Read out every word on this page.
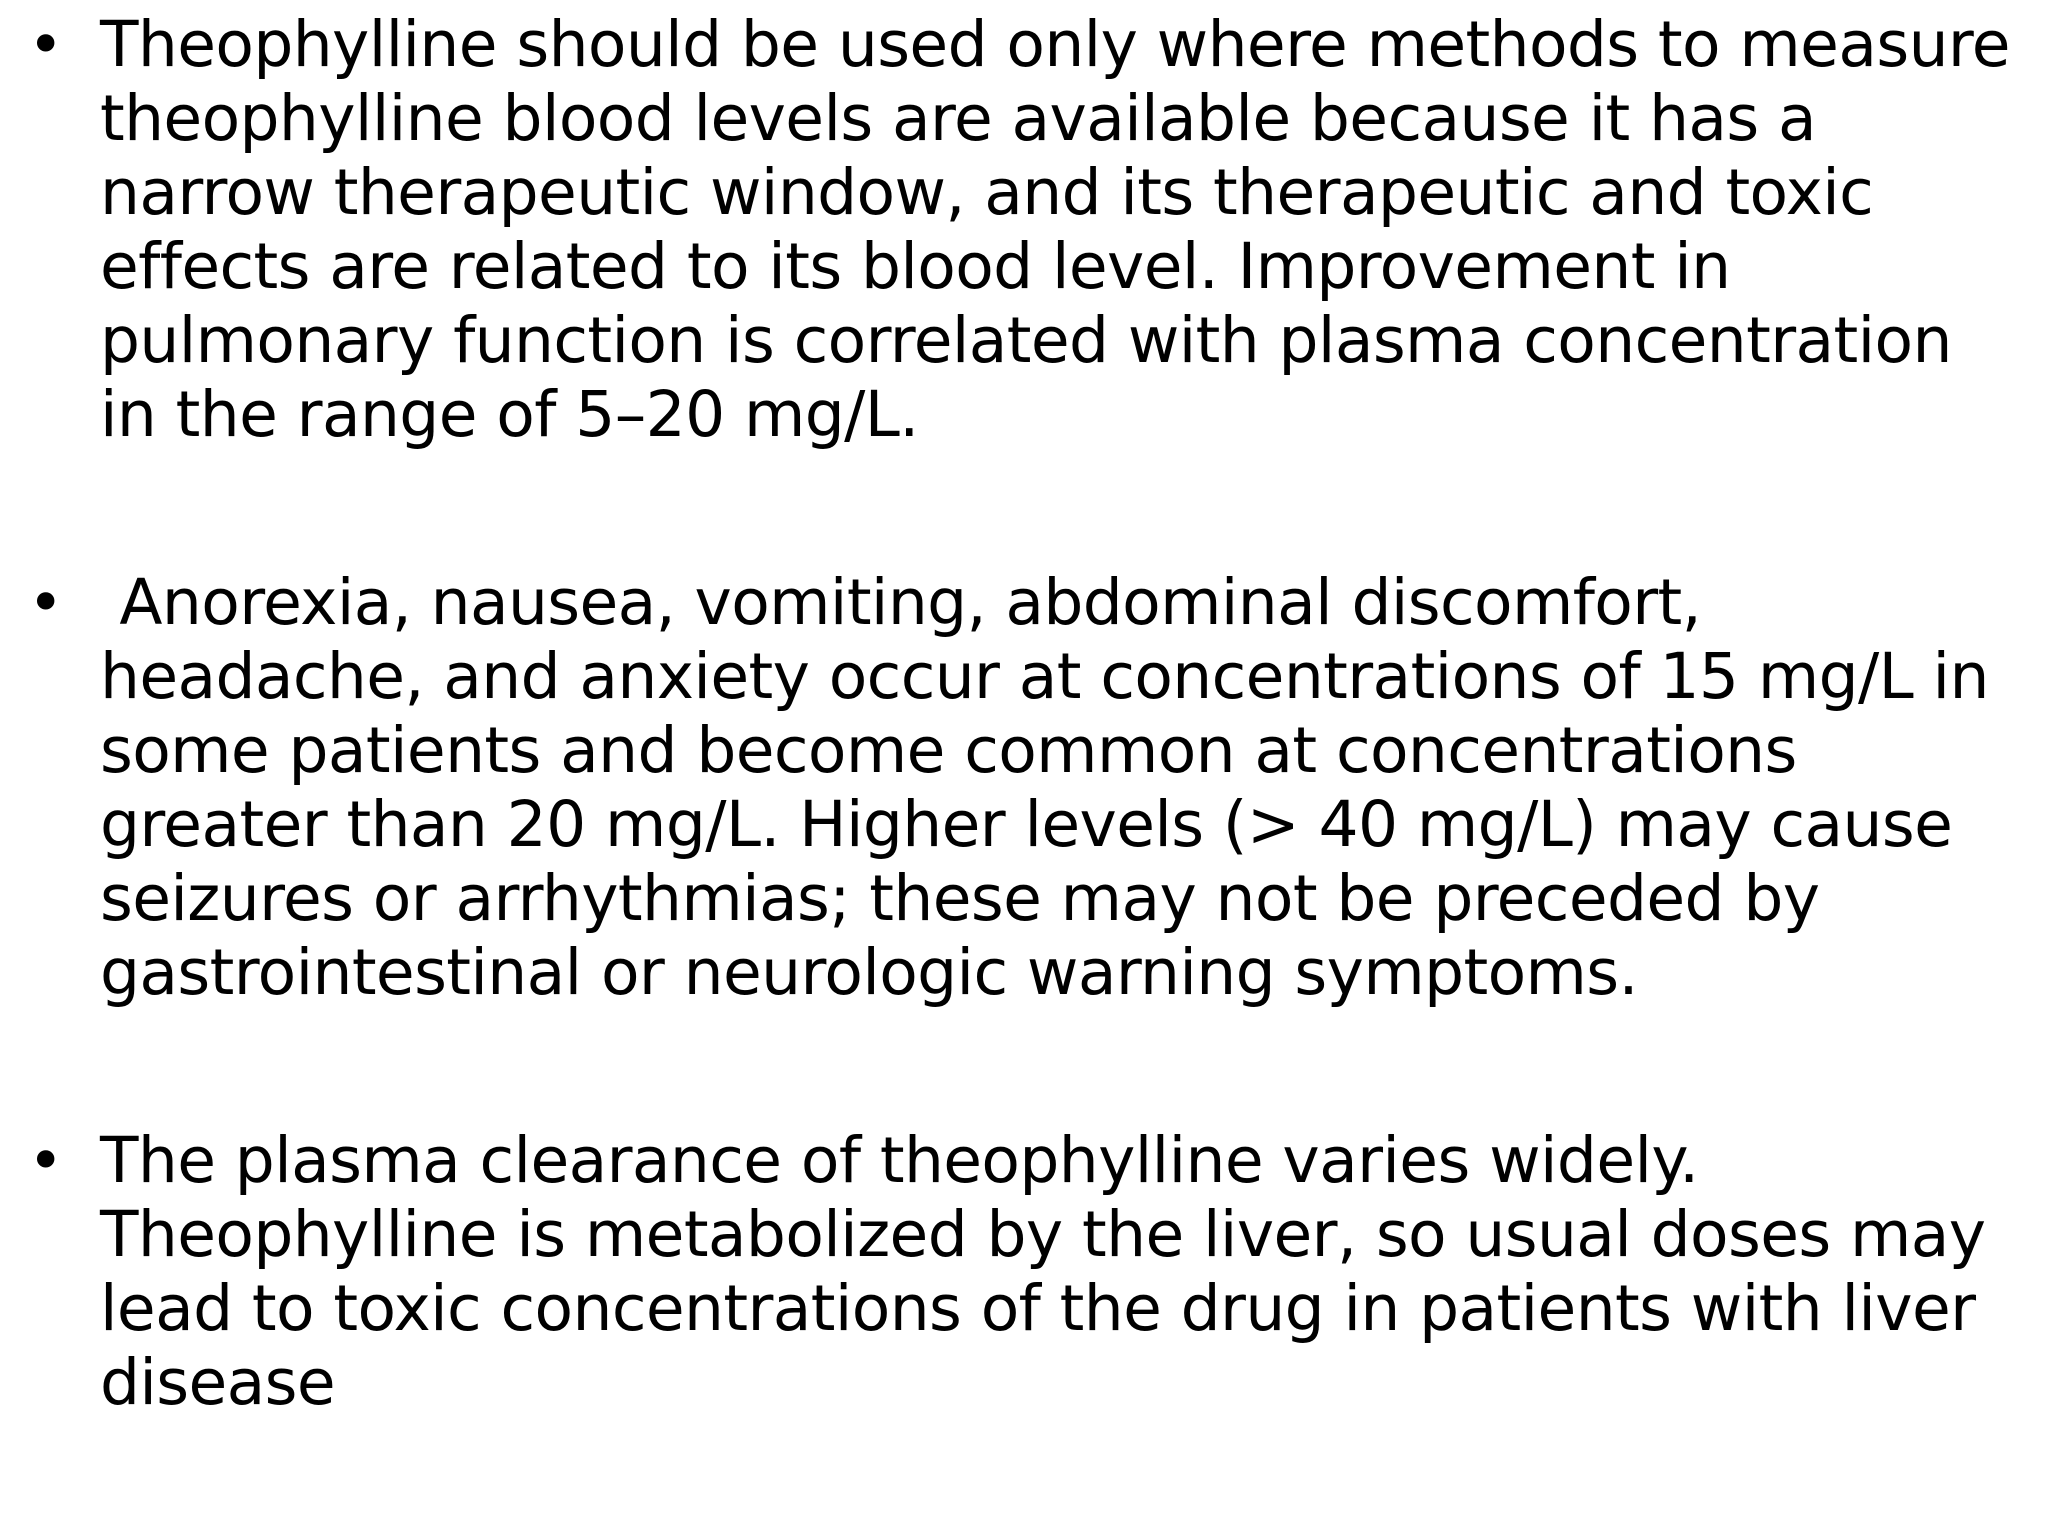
• Theophylline should be used only where methods to measure
theophylline blood levels are available because it has a
narrow therapeutic window, and its therapeutic and toxic
effects are related to its blood level. Improvement in
pulmonary function is correlated with plasma concentration
in the range of 5–20 mg/L.
• Anorexia, nausea, vomiting, abdominal discomfort,
headache, and anxiety occur at concentrations of 15 mg/L in
some patients and become common at concentrations
greater than 20 mg/L. Higher levels (> 40 mg/L) may cause
seizures or arrhythmias; these may not be preceded by
gastrointestinal or neurologic warning symptoms.
• The plasma clearance of theophylline varies widely.
Theophylline is metabolized by the liver, so usual doses may
lead to toxic concentrations of the drug in patients with liver
disease
